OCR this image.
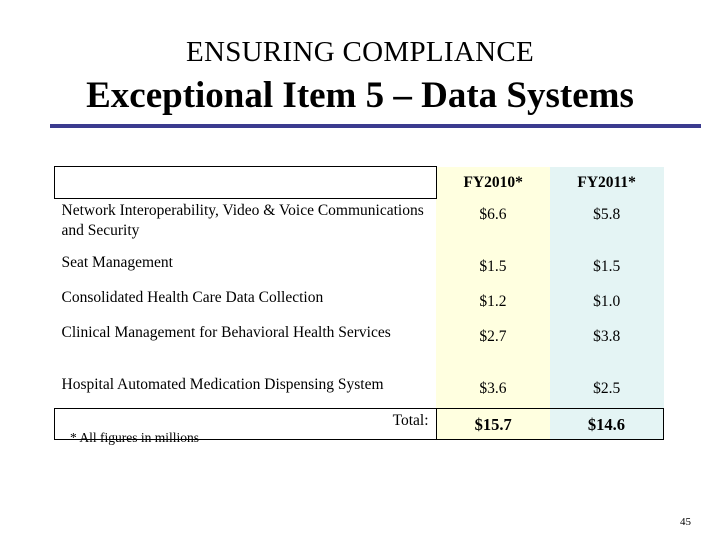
ENSURING COMPLIANCE
Exceptional Item 5 – Data Systems
	FY2010*	FY2011*
Network Interoperability, Video & Voice Communications and Security	$6.6	$5.8
Seat Management	$1.5	$1.5
Consolidated Health Care Data Collection	$1.2	$1.0
Clinical Management for Behavioral Health Services	$2.7	$3.8
Hospital Automated Medication Dispensing System	$3.6	$2.5
Total:	$15.7	$14.6
* All figures in millions
45
